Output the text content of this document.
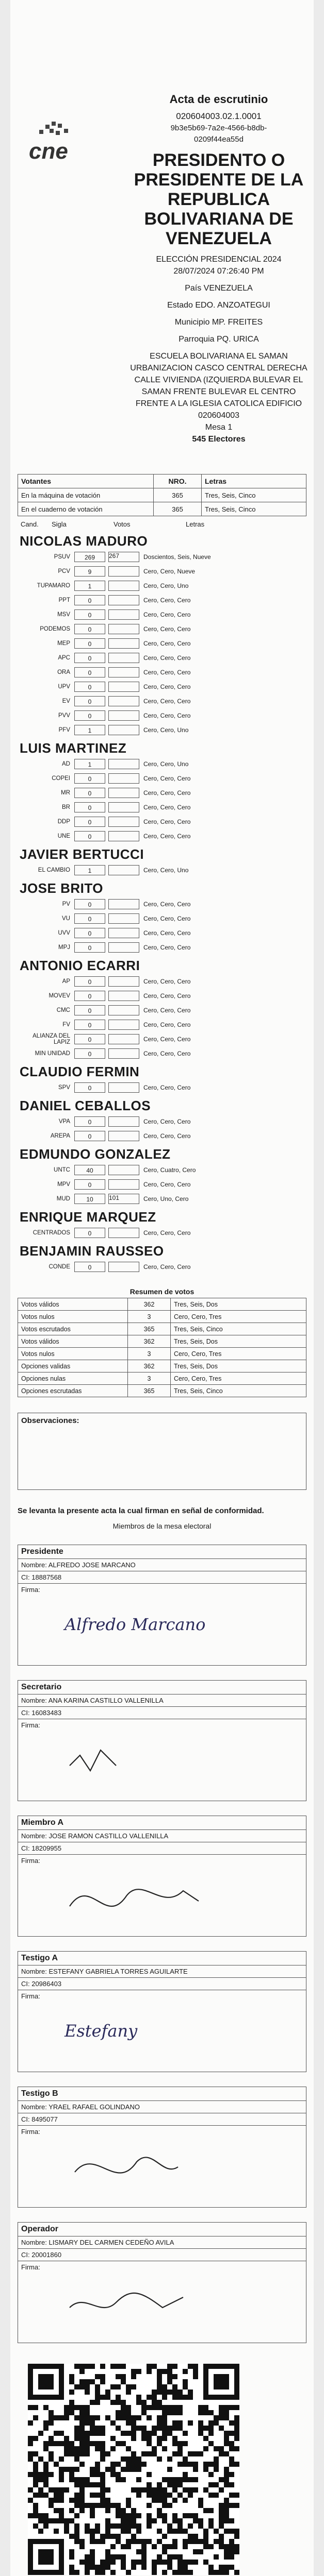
cne
Acta de escrutinio
020604003.02.1.0001
9b3e5b69-7a2e-4566-b8db-
0209f44ea55d
PRESIDENTO O PRESIDENTE DE LA REPUBLICA BOLIVARIANA DE VENEZUELA
ELECCIÓN PRESIDENCIAL 2024
28/07/2024 07:26:40 PM
País VENEZUELA
Estado EDO. ANZOATEGUI
Municipio MP. FREITES
Parroquia PQ. URICA
ESCUELA BOLIVARIANA EL SAMAN URBANIZACION CASCO CENTRAL DERECHA CALLE VIVIENDA (IZQUIERDA BULEVAR EL SAMAN FRENTE BULEVAR EL CENTRO FRENTE A LA IGLESIA CATOLICA EDIFICIO
020604003
Mesa 1
545 Electores
Votantes	NRO.	Letras
En la máquina de votación	365	Tres, Seis, Cinco
En el cuaderno de votación	365	Tres, Seis, Cinco
Cand.	Sigla	Votos	Letras
NICOLAS MADURO
PSUV	269	267	Doscientos, Seis, Nueve
PCV	9	Cero, Cero, Nueve
TUPAMARO	1	Cero, Cero, Uno
PPT	0	Cero, Cero, Cero
MSV	0	Cero, Cero, Cero
PODEMOS	0	Cero, Cero, Cero
MEP	0	Cero, Cero, Cero
APC	0	Cero, Cero, Cero
ORA	0	Cero, Cero, Cero
UPV	0	Cero, Cero, Cero
EV	0	Cero, Cero, Cero
PVV	0	Cero, Cero, Cero
PFV	1	Cero, Cero, Uno
LUIS MARTINEZ
AD	1	Cero, Cero, Uno
COPEI	0	Cero, Cero, Cero
MR	0	Cero, Cero, Cero
BR	0	Cero, Cero, Cero
DDP	0	Cero, Cero, Cero
UNE	0	Cero, Cero, Cero
JAVIER BERTUCCI
EL CAMBIO	1	Cero, Cero, Uno
JOSE BRITO
PV	0	Cero, Cero, Cero
VU	0	Cero, Cero, Cero
UVV	0	Cero, Cero, Cero
MPJ	0	Cero, Cero, Cero
ANTONIO ECARRI
AP	0	Cero, Cero, Cero
MOVEV	0	Cero, Cero, Cero
CMC	0	Cero, Cero, Cero
FV	0	Cero, Cero, Cero
ALIANZA DEL LAPIZ	0	Cero, Cero, Cero
MIN UNIDAD	0	Cero, Cero, Cero
CLAUDIO FERMIN
SPV	0	Cero, Cero, Cero
DANIEL CEBALLOS
VPA	0	Cero, Cero, Cero
AREPA	0	Cero, Cero, Cero
EDMUNDO GONZALEZ
UNTC	40	Cero, Cuatro, Cero
MPV	0	Cero, Cero, Cero
MUD	10	101	Cero, Uno, Cero
ENRIQUE MARQUEZ
CENTRADOS	0	Cero, Cero, Cero
BENJAMIN RAUSSEO
CONDE	0	Cero, Cero, Cero
Resumen de votos
Votos válidos	362	Tres, Seis, Dos
Votos nulos	3	Cero, Cero, Tres
Votos escrutados	365	Tres, Seis, Cinco
Votos válidos	362	Tres, Seis, Dos
Votos nulos	3	Cero, Cero, Tres
Opciones validas	362	Tres, Seis, Dos
Opciones nulas	3	Cero, Cero, Tres
Opciones escrutadas	365	Tres, Seis, Cinco
Observaciones:
Se levanta la presente acta la cual firman en señal de conformidad.
Miembros de la mesa electoral
Presidente
Nombre: ALFREDO JOSE MARCANO
CI: 18887568
Firma:
Alfredo Marcano
Secretario
Nombre: ANA KARINA CASTILLO VALLENILLA
CI: 16083483
Firma:
Miembro A
Nombre: JOSE RAMON CASTILLO VALLENILLA
CI: 18209955
Firma:
Testigo A
Nombre: ESTEFANY GABRIELA TORRES AGUILARTE
CI: 20986403
Firma:
Estefany
Testigo B
Nombre: YRAEL RAFAEL GOLINDANO
CI: 8495077
Firma:
Operador
Nombre: LISMARY DEL CARMEN CEDEÑO AVILA
CI: 20001860
Firma:
